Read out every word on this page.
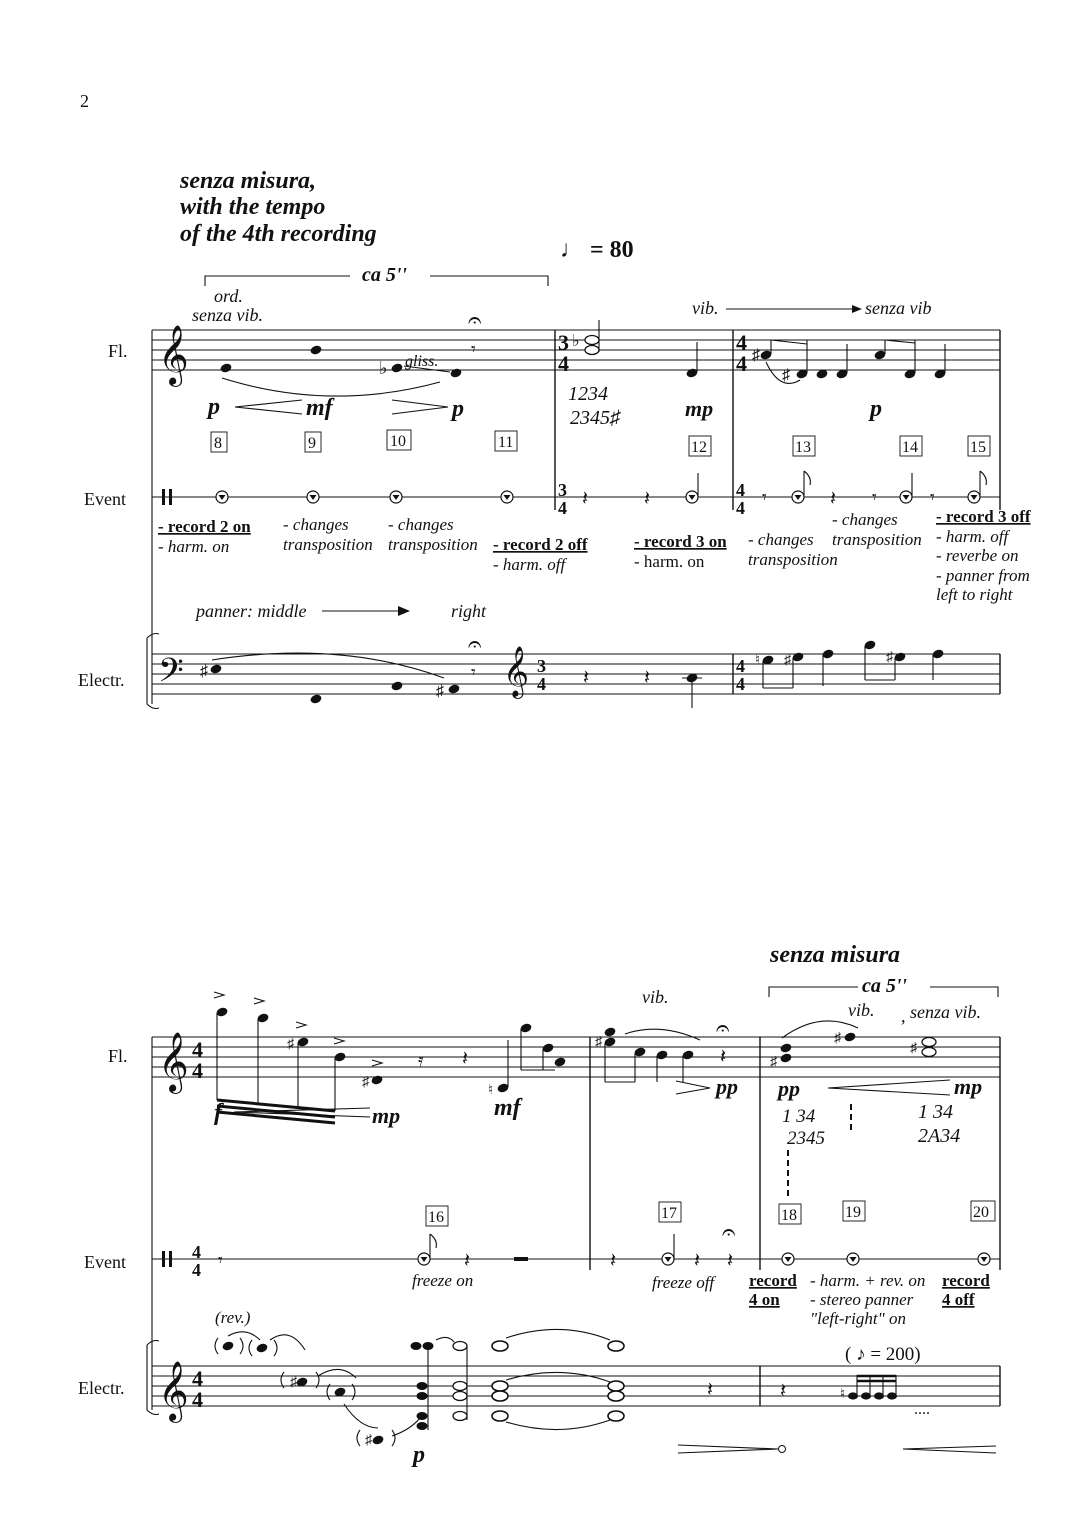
2
senza misura,
with the tempo
of the 4th recording
♩ = 80
ca 5''
Fl.
Event
Electr.
𝄞
ord.
senza vib.
gliss.
vib.	senza vib
♭
𝄾
𝄐
3
4
♭
1234
2345♯
4
4 ♯
♯
p	mf	p	mp	p
8	9	10	11	12	13	14	15
3
4 𝄽	𝄽	4
4
𝄾	𝄽 𝄾	𝄾
- record 2 on
- harm. on
- changes
transposition
- changes
transposition - record 2 off
- harm. off
- record 3 on
- harm. on
- changes
transposition
- changes
transposition
- record 3 off
- harm. off
- reverbe on
- panner from
left to right
panner: middle	right
𝄢 ♯
♯
𝄾
𝄐
𝄞 3
4 𝄽	𝄽
4
4
♮ ♯	♯
senza misura
ca 5''
Fl.
Event
Electr.
𝄞 4
4
♯
♯
𝄿 𝄽
♮
♯
vib.
𝄽
𝄐
♯
♯
vib. , senza vib.
♯
f	mp	mf
pp pp	mp
1 34
2345
1 34
2A34
16	17	18	19	20
4
4 𝄾	𝄽	𝄽	𝄽 𝄽
𝄐
freeze on	freeze off record
4 on
- harm. + rev. on
- stereo panner
"left-right" on
record
4 off
(rev.)
( ♪ = 200)
𝄞 4
4
♯
♯
𝄽
p
𝄽	♮
....
